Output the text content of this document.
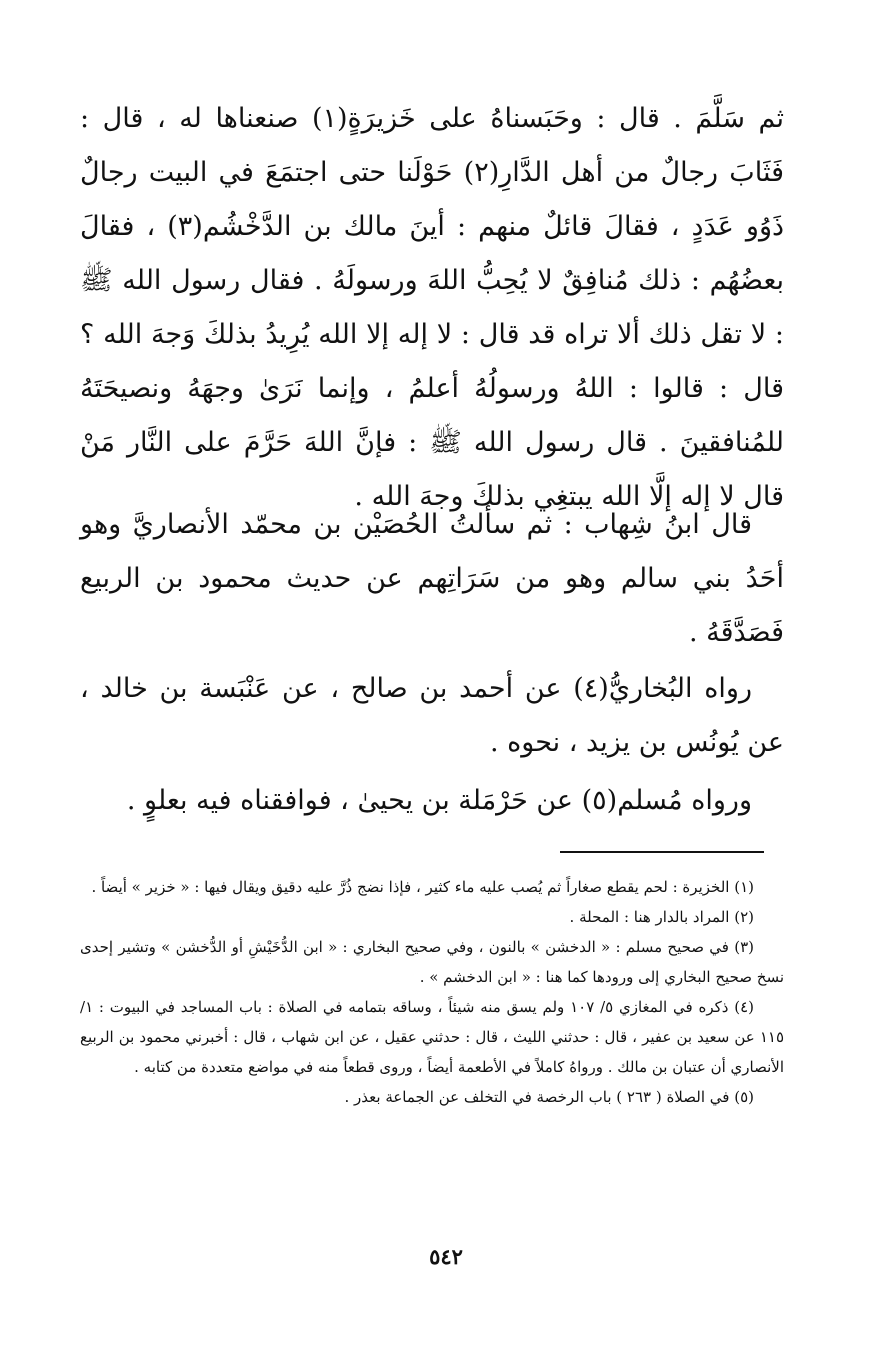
ثم سَلَّمَ . قال : وحَبَسناهُ على خَزيرَةٍ(١) صنعناها له ، قال : فَثَابَ رجالٌ من أهل الدَّارِ(٢) حَوْلَنا حتى اجتمَعَ في البيت رجالٌ ذَوُو عَدَدٍ ، فقالَ قائلٌ منهم : أينَ مالك بن الدَّخْشُم(٣) ، فقالَ بعضُهُم : ذلك مُنافِقٌ لا يُحِبُّ اللهَ ورسولَهُ . فقال رسول الله ﷺ : لا تقل ذلك ألا تراه قد قال : لا إله إلا الله يُرِيدُ بذلكَ وَجهَ الله ؟ قال : قالوا : اللهُ ورسولُهُ أعلمُ ، وإنما نَرَىٰ وجهَهُ ونصيحَتَهُ للمُنافقينَ . قال رسول الله ﷺ : فإنَّ اللهَ حَرَّمَ على النَّار مَنْ قال لا إله إلَّا الله يبتغِي بذلكَ وجهَ الله .

قال ابنُ شِهاب : ثم سألتُ الحُصَيْن بن محمّد الأنصاريَّ وهو أحَدُ بني سالم وهو من سَرَاتِهم عن حديث محمود بن الربيع فَصَدَّقَهُ .

رواه البُخاريُّ(٤) عن أحمد بن صالح ، عن عَنْبَسة بن خالد ، عن يُونُس بن يزيد ، نحوه .

ورواه مُسلم(٥) عن حَرْمَلة بن يحيىٰ ، فوافقناه فيه بعلوٍ .

(١) الخزيرة : لحم يقطع صغاراً ثم يُصب عليه ماء كثير ، فإذا نضج ذُرَّ عليه دقيق ويقال فيها : « خزير » أيضاً .

(٢) المراد بالدار هنا : المحلة .

(٣) في صحيح مسلم : « الدخشن » بالنون ، وفي صحيح البخاري : « ابن الدُّخَيْشِ أو الدُّخشن » وتشير إحدى نسخ صحيح البخاري إلى ورودها كما هنا : « ابن الدخشم » .

(٤) ذكره في المغازي ٥/ ١٠٧ ولم يسق منه شيئاً ، وساقه بتمامه في الصلاة : باب المساجد في البيوت : ١/ ١١٥ عن سعيد بن عفير ، قال : حدثني الليث ، قال : حدثني عقيل ، عن ابن شهاب ، قال : أخبرني محمود بن الربيع الأنصاري أن عتبان بن مالك . ورواهُ كاملاً في الأطعمة أيضاً ، وروى قطعاً منه في مواضع متعددة من كتابه .

(٥) في الصلاة ( ٢٦٣ ) باب الرخصة في التخلف عن الجماعة بعذر .

٥٤٢
